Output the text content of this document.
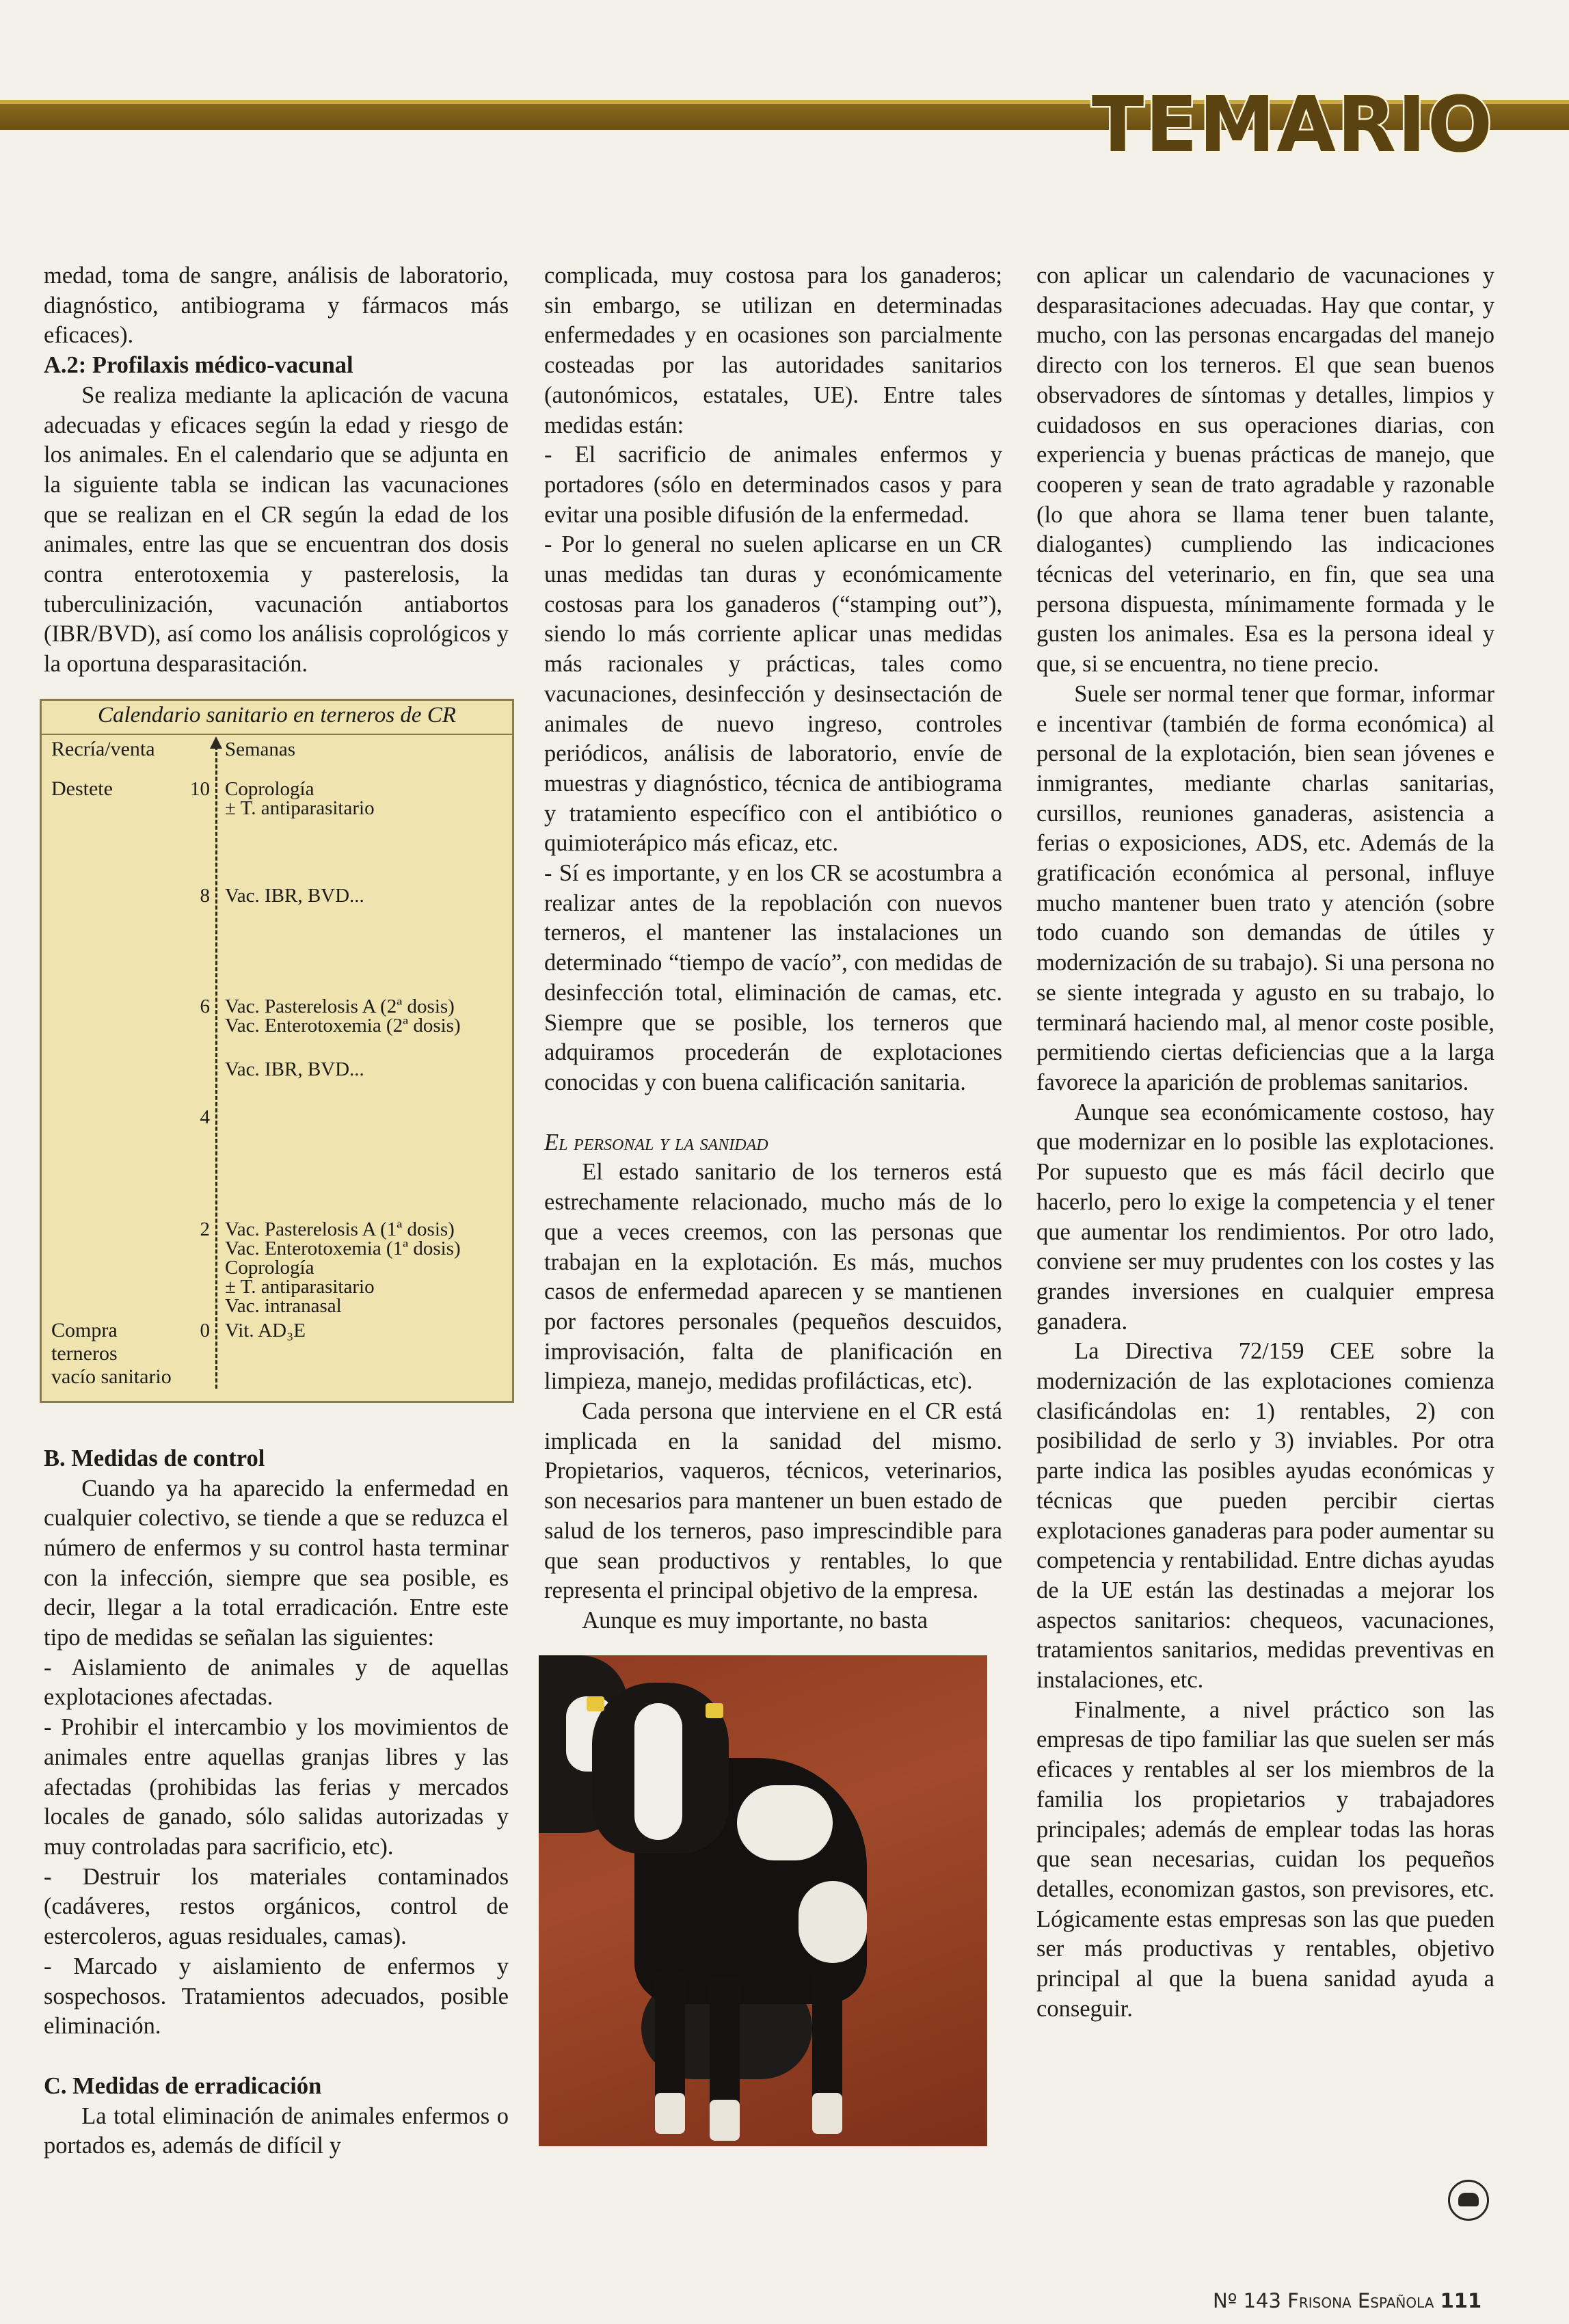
TEMARIO

medad, toma de sangre, análisis de laboratorio, diagnóstico, antibiograma y fármacos más eficaces).

A.2: Profilaxis médico-vacunal

Se realiza mediante la aplicación de vacuna adecuadas y eficaces según la edad y riesgo de los animales. En el calendario que se adjunta en la siguiente tabla se indican las vacunaciones que se realizan en el CR según la edad de los animales, entre las que se encuentran dos dosis contra enterotoxemia y pasterelosis, la tuberculinización, vacunación antiabortos (IBR/BVD), así como los análisis coprológicos y la oportuna desparasitación.

Calendario sanitario en terneros de CR
Semanas
Recría/venta
Destete	10 Coprología
± T. antiparasitario
8 Vac. IBR, BVD...
6 Vac. Pasterelosis A (2ª dosis)
Vac. Enterotoxemia (2ª dosis)
Vac. IBR, BVD...
4
2 Vac. Pasterelosis A (1ª dosis)
Vac. Enterotoxemia (1ª dosis)
Coprología
± T. antiparasitario
Vac. intranasal
Compra
terneros
vacío sanitario
0 Vit. AD₃E
B. Medidas de control

Cuando ya ha aparecido la enfermedad en cualquier colectivo, se tiende a que se reduzca el número de enfermos y su control hasta terminar con la infección, siempre que sea posible, es decir, llegar a la total erradicación. Entre este tipo de medidas se señalan las siguientes:

- Aislamiento de animales y de aquellas explotaciones afectadas.

- Prohibir el intercambio y los movimientos de animales entre aquellas granjas libres y las afectadas (prohibidas las ferias y mercados locales de ganado, sólo salidas autorizadas y muy controladas para sacrificio, etc).

- Destruir los materiales contaminados (cadáveres, restos orgánicos, control de estercoleros, aguas residuales, camas).

- Marcado y aislamiento de enfermos y sospechosos. Tratamientos adecuados, posible eliminación.

C. Medidas de erradicación

La total eliminación de animales enfermos o portados es, además de difícil y

complicada, muy costosa para los ganaderos; sin embargo, se utilizan en determinadas enfermedades y en ocasiones son parcialmente costeadas por las autoridades sanitarios (autonómicos, estatales, UE). Entre tales medidas están:

- El sacrificio de animales enfermos y portadores (sólo en determinados casos y para evitar una posible difusión de la enfermedad.

- Por lo general no suelen aplicarse en un CR unas medidas tan duras y económicamente costosas para los ganaderos (“stamping out”), siendo lo más corriente aplicar unas medidas más racionales y prácticas, tales como vacunaciones, desinfección y desinsectación de animales de nuevo ingreso, controles periódicos, análisis de laboratorio, envíe de muestras y diagnóstico, técnica de antibiograma y tratamiento específico con el antibiótico o quimioterápico más eficaz, etc.

- Sí es importante, y en los CR se acostumbra a realizar antes de la repoblación con nuevos terneros, el mantener las instalaciones un determinado “tiempo de vacío”, con medidas de desinfección total, eliminación de camas, etc. Siempre que se posible, los terneros que adquiramos procederán de explotaciones conocidas y con buena calificación sanitaria.

El personal y la sanidad

El estado sanitario de los terneros está estrechamente relacionado, mucho más de lo que a veces creemos, con las personas que trabajan en la explotación. Es más, muchos casos de enfermedad aparecen y se mantienen por factores personales (pequeños descuidos, improvisación, falta de planificación en limpieza, manejo, medidas profilácticas, etc).

Cada persona que interviene en el CR está implicada en la sanidad del mismo. Propietarios, vaqueros, técnicos, veterinarios, son necesarios para mantener un buen estado de salud de los terneros, paso imprescindible para que sean productivos y rentables, lo que representa el principal objetivo de la empresa.

Aunque es muy importante, no basta

con aplicar un calendario de vacunaciones y desparasitaciones adecuadas. Hay que contar, y mucho, con las personas encargadas del manejo directo con los terneros. El que sean buenos observadores de síntomas y detalles, limpios y cuidadosos en sus operaciones diarias, con experiencia y buenas prácticas de manejo, que cooperen y sean de trato agradable y razonable (lo que ahora se llama tener buen talante, dialogantes) cumpliendo las indicaciones técnicas del veterinario, en fin, que sea una persona dispuesta, mínimamente formada y le gusten los animales. Esa es la persona ideal y que, si se encuentra, no tiene precio.

Suele ser normal tener que formar, informar e incentivar (también de forma económica) al personal de la explotación, bien sean jóvenes e inmigrantes, mediante charlas sanitarias, cursillos, reuniones ganaderas, asistencia a ferias o exposiciones, ADS, etc. Además de la gratificación económica al personal, influye mucho mantener buen trato y atención (sobre todo cuando son demandas de útiles y modernización de su trabajo). Si una persona no se siente integrada y agusto en su trabajo, lo terminará haciendo mal, al menor coste posible, permitiendo ciertas deficiencias que a la larga favorece la aparición de problemas sanitarios.

Aunque sea económicamente costoso, hay que modernizar en lo posible las explotaciones. Por supuesto que es más fácil decirlo que hacerlo, pero lo exige la competencia y el tener que aumentar los rendimientos. Por otro lado, conviene ser muy prudentes con los costes y las grandes inversiones en cualquier empresa ganadera.

La Directiva 72/159 CEE sobre la modernización de las explotaciones comienza clasificándolas en: 1) rentables, 2) con posibilidad de serlo y 3) inviables. Por otra parte indica las posibles ayudas económicas y técnicas que pueden percibir ciertas explotaciones ganaderas para poder aumentar su competencia y rentabilidad. Entre dichas ayudas de la UE están las destinadas a mejorar los aspectos sanitarios: chequeos, vacunaciones, tratamientos sanitarios, medidas preventivas en instalaciones, etc.

Finalmente, a nivel práctico son las empresas de tipo familiar las que suelen ser más eficaces y rentables al ser los miembros de la familia los propietarios y trabajadores principales; además de emplear todas las horas que sean necesarias, cuidan los pequeños detalles, economizan gastos, son previsores, etc. Lógicamente estas empresas son las que pueden ser más productivas y rentables, objetivo principal al que la buena sanidad ayuda a conseguir.

Nº 143 Frisona Española 111
